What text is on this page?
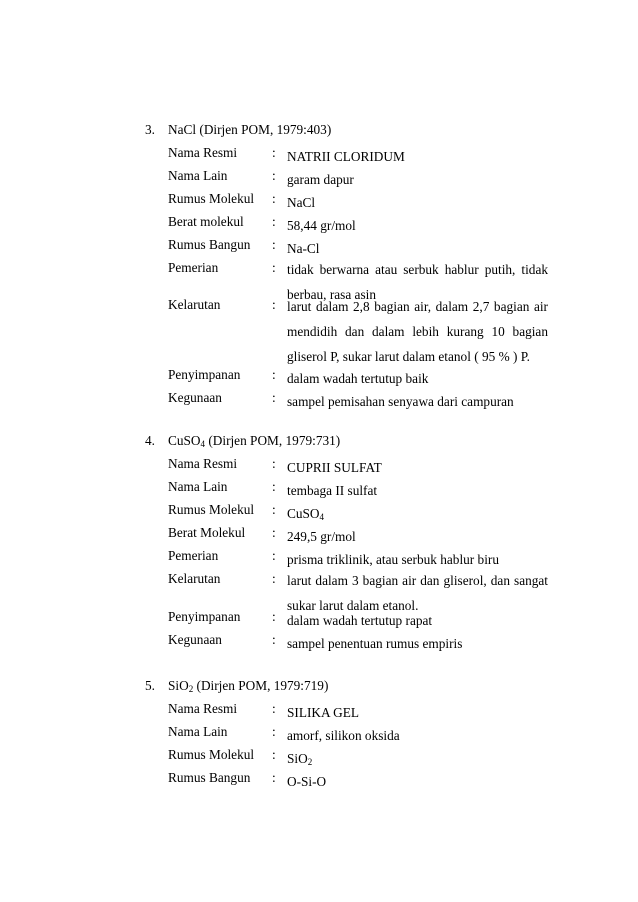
3. NaCl (Dirjen POM, 1979:403)
Nama Resmi	: NATRII CLORIDUM
Nama Lain	: garam dapur
Rumus Molekul : NaCl
Berat molekul : 58,44 gr/mol
Rumus Bangun : Na-Cl
Pemerian	: tidak berwarna atau serbuk hablur putih, tidak berbau, rasa asin
Kelarutan	: larut dalam 2,8 bagian air, dalam 2,7 bagian air mendidih dan dalam lebih kurang 10 bagian gliserol P, sukar larut dalam etanol ( 95 % ) P.
Penyimpanan : dalam wadah tertutup baik
Kegunaan	: sampel pemisahan senyawa dari campuran
4. CuSO$_4$ (Dirjen POM, 1979:731)
Nama Resmi	: CUPRII SULFAT
Nama Lain	: tembaga II sulfat
Rumus Molekul : CuSO$_4$
Berat Molekul : 249,5 gr/mol
Pemerian	: prisma triklinik, atau serbuk hablur biru
Kelarutan	: larut dalam 3 bagian air dan gliserol, dan sangat sukar larut dalam etanol.
Penyimpanan : dalam wadah tertutup rapat
Kegunaan	: sampel penentuan rumus empiris
5. SiO$_2$ (Dirjen POM, 1979:719)
Nama Resmi	: SILIKA GEL
Nama Lain	: amorf, silikon oksida
Rumus Molekul : SiO$_2$
Rumus Bangun : O-Si-O
